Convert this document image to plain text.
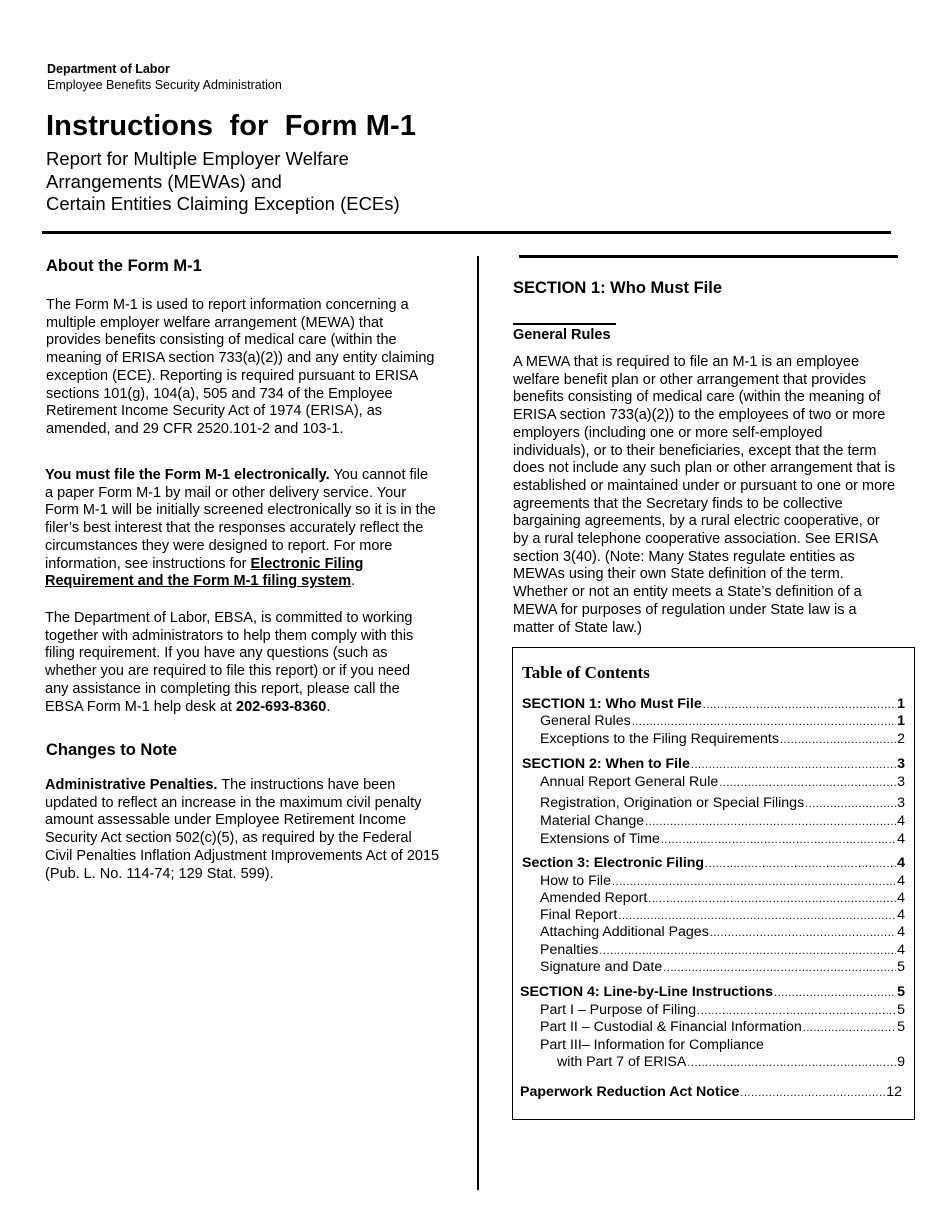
Department of Labor
Employee Benefits Security Administration
Instructions  for  Form M-1
Report for Multiple Employer Welfare
Arrangements (MEWAs) and
Certain Entities Claiming Exception (ECEs)
About the Form M-1

The Form M-1 is used to report information concerning a multiple employer welfare arrangement (MEWA) that provides benefits consisting of medical care (within the meaning of ERISA section 733(a)(2)) and any entity claiming exception (ECE). Reporting is required pursuant to ERISA sections 101(g), 104(a), 505 and 734 of the Employee Retirement Income Security Act of 1974 (ERISA), as amended, and 29 CFR 2520.101-2 and 103-1.

You must file the Form M-1 electronically. You cannot file a paper Form M-1 by mail or other delivery service. Your Form M-1 will be initially screened electronically so it is in the filer’s best interest that the responses accurately reflect the circumstances they were designed to report. For more information, see instructions for Electronic Filing Requirement and the Form M-1 filing system.

The Department of Labor, EBSA, is committed to working together with administrators to help them comply with this filing requirement. If you have any questions (such as whether you are required to file this report) or if you need any assistance in completing this report, please call the EBSA Form M-1 help desk at 202-693-8360.

Changes to Note

Administrative Penalties. The instructions have been updated to reflect an increase in the maximum civil penalty amount assessable under Employee Retirement Income Security Act section 502(c)(5), as required by the Federal Civil Penalties Inflation Adjustment Improvements Act of 2015 (Pub. L. No. 114-74; 129 Stat. 599).

SECTION 1: Who Must File
General Rules

A MEWA that is required to file an M-1 is an employee welfare benefit plan or other arrangement that provides benefits consisting of medical care (within the meaning of ERISA section 733(a)(2)) to the employees of two or more employers (including one or more self-employed individuals), or to their beneficiaries, except that the term does not include any such plan or other arrangement that is established or maintained under or pursuant to one or more agreements that the Secretary finds to be collective bargaining agreements, by a rural electric cooperative, or by a rural telephone cooperative association. See ERISA section 3(40). (Note: Many States regulate entities as MEWAs using their own State definition of the term. Whether or not an entity meets a State’s definition of a MEWA for purposes of regulation under State law is a matter of State law.)

Table of Contents
SECTION 1: Who Must File .....	1
General Rules .....	1
Exceptions to the Filing Requirements .....	2
SECTION 2: When to File .....	3
Annual Report General Rule .....	3
Registration, Origination or Special Filings .....	3
Material Change .....	4
Extensions of Time .....	4
Section 3: Electronic Filing .....	4
How to File .....	4
Amended Report .....	4
Final Report .....	4
Attaching Additional Pages .....	4
Penalties .....	4
Signature and Date .....	5
SECTION 4: Line-by-Line Instructions .....	5
Part I – Purpose of Filing .....	5
Part II – Custodial & Financial Information .....	5
Part III– Information for Compliance
with Part 7 of ERISA .....	9
Paperwork Reduction Act Notice .....	12
